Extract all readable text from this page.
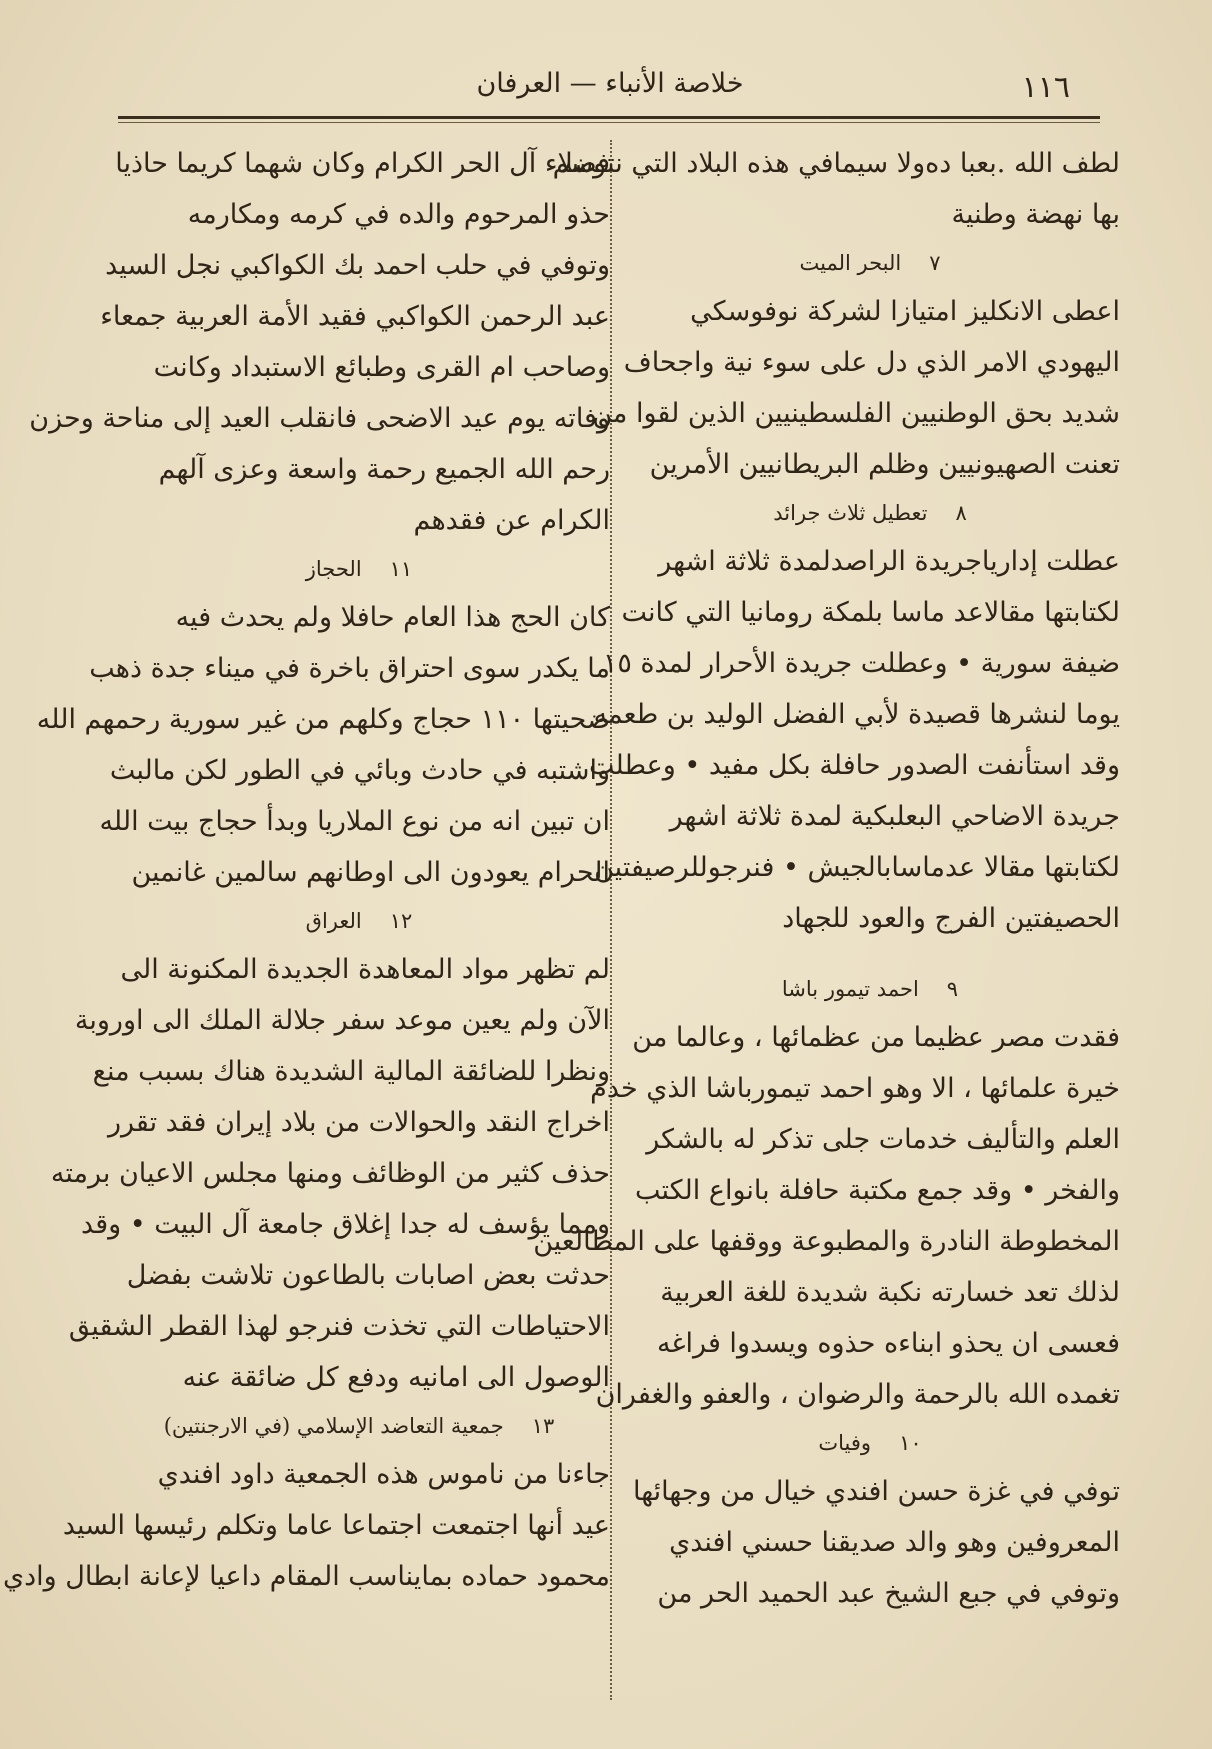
١١٦
خلاصة الأنباء — العرفان
لطف الله .بعبا دەولا سيمافي هذه البلاد التي نتوسم
بها نهضة وطنية
٧البحر الميت
اعطى الانكليز امتيازا لشركة نوفوسكي
اليهودي الامر الذي دل على سوء نية واجحاف
شديد بحق الوطنيين الفلسطينيين الذين لقوا من
تعنت الصهيونيين وظلم البريطانيين الأمرين
٨تعطيل ثلاث جرائد
عطلت إدارياجريدة الراصدلمدة ثلاثة اشهر
لكتابتها مقالاعد ماسا بلمكة رومانيا التي كانت
ضيفة سورية • وعطلت جريدة الأحرار لمدة ١٥
يوما لنشرها قصيدة لأبي الفضل الوليد بن طعمه
وقد استأنفت الصدور حافلة بكل مفيد • وعطلت
جريدة الاضاحي البعلبكية لمدة ثلاثة اشهر
لكتابتها مقالا عدماسابالجيش • فنرجوللرصيفتين
الحصيفتين الفرج والعود للجهاد
٩احمد تيمور باشا
فقدت مصر عظيما من عظمائها ، وعالما من
خيرة علمائها ، الا وهو احمد تيمورباشا الذي خدم
العلم والتأليف خدمات جلى تذكر له بالشكر
والفخر • وقد جمع مكتبة حافلة بانواع الكتب
المخطوطة النادرة والمطبوعة ووقفها على المطالعين
لذلك تعد خسارته نكبة شديدة للغة العربية
فعسى ان يحذو ابناءه حذوه ويسدوا فراغه
تغمده الله بالرحمة والرضوان ، والعفو والغفران
١٠وفيات
توفي في غزة حسن افندي خيال من وجهائها
المعروفين وهو والد صديقنا حسني افندي
وتوفي في جبع الشيخ عبد الحميد الحر من
فضلاء آل الحر الكرام وكان شهما كريما حاذيا
حذو المرحوم والده في كرمه ومكارمه
وتوفي في حلب احمد بك الكواكبي نجل السيد
عبد الرحمن الكواكبي فقيد الأمة العربية جمعاء
وصاحب ام القرى وطبائع الاستبداد وكانت
وفاته يوم عيد الاضحى فانقلب العيد إلى مناحة وحزن
رحم الله الجميع رحمة واسعة وعزى آلهم
الكرام عن فقدهم
١١الحجاز
كان الحج هذا العام حافلا ولم يحدث فيه
ما يكدر سوى احتراق باخرة في ميناء جدة ذهب
ضحيتها ١١٠ حجاج وكلهم من غير سورية رحمهم الله
واشتبه في حادث وبائي في الطور لكن مالبث
ان تبين انه من نوع الملاريا وبدأ حجاج بيت الله
الحرام يعودون الى اوطانهم سالمين غانمين
١٢العراق
لم تظهر مواد المعاهدة الجديدة المكنونة الى
الآن ولم يعين موعد سفر جلالة الملك الى اوروبة
ونظرا للضائقة المالية الشديدة هناك بسبب منع
اخراج النقد والحوالات من بلاد إيران فقد تقرر
حذف كثير من الوظائف ومنها مجلس الاعيان برمته
ومما يؤسف له جدا إغلاق جامعة آل البيت • وقد
حدثت بعض اصابات بالطاعون تلاشت بفضل
الاحتياطات التي تخذت فنرجو لهذا القطر الشقيق
الوصول الى امانيه ودفع كل ضائقة عنه
١٣جمعية التعاضد الإسلامي (في الارجنتين)
جاءنا من ناموس هذه الجمعية داود افندي
عيد أنها اجتمعت اجتماعا عاما وتكلم رئيسها السيد
محمود حماده بمايناسب المقام داعيا لإعانة ابطال وادي
